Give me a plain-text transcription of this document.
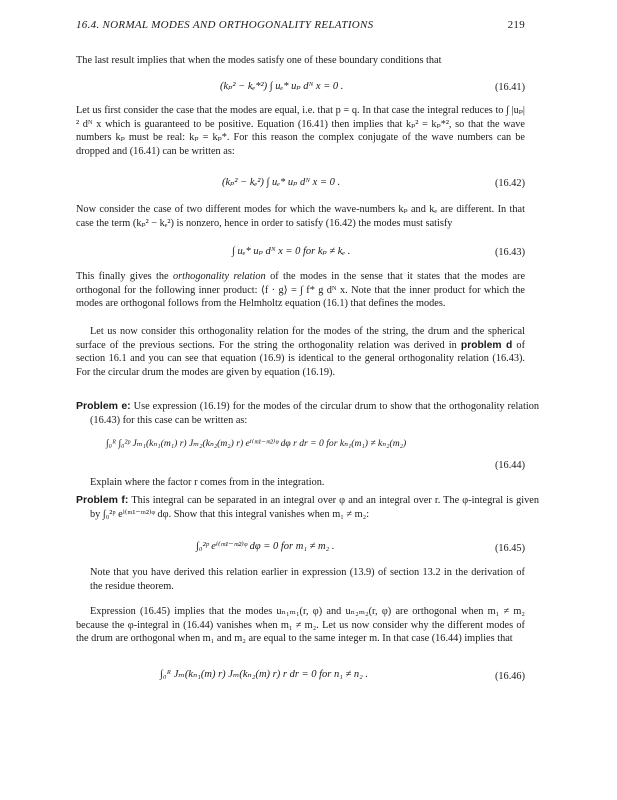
16.4. NORMAL MODES AND ORTHOGONALITY RELATIONS	219
The last result implies that when the modes satisfy one of these boundary conditions that
(kₚ² − kₑ*²) ∫ uₑ* uₚ dᴺ x = 0 .	(16.41)
Let us first consider the case that the modes are equal, i.e. that p = q. In that case the integral reduces to ∫ |uₚ|² dᴺ x which is guaranteed to be positive. Equation (16.41) then implies that kₚ² = kₚ*², so that the wave numbers kₚ must be real: kₚ = kₚ*. For this reason the complex conjugate of the wave numbers can be dropped and (16.41) can be written as:
(kₚ² − kₑ²) ∫ uₑ* uₚ dᴺ x = 0 .	(16.42)
Now consider the case of two different modes for which the wave-numbers kₚ and kₑ are different. In that case the term (kₚ² − kₑ²) is nonzero, hence in order to satisfy (16.42) the modes must satisfy
∫ uₑ* uₚ dᴺ x = 0 for kₚ ≠ kₑ .	(16.43)
This finally gives the orthogonality relation of the modes in the sense that it states that the modes are orthogonal for the following inner product: ⟨f · g⟩ = ∫ f* g dᴺ x. Note that the inner product for which the modes are orthogonal follows from the Helmholtz equation (16.1) that defines the modes.
Let us now consider this orthogonality relation for the modes of the string, the drum and the spherical surface of the previous sections. For the string the orthogonality relation was derived in problem d of section 16.1 and you can see that equation (16.9) is identical to the general orthogonality relation (16.43). For the circular drum the modes are given by equation (16.19).
Problem e: Use expression (16.19) for the modes of the circular drum to show that the orthogonality relation (16.43) for this case can be written as:
∫₀ᴿ ∫₀²ᵖ Jₘ₁(kₙ₁(m₁) r) Jₘ₂(kₙ₂(m₂) r) eⁱ⁽ᵐ¹⁻ᵐ²⁾ᵠ dφ r dr = 0 for kₙ₁(m₁) ≠ kₙ₂(m₂)
(16.44)
Explain where the factor r comes from in the integration.
Problem f: This integral can be separated in an integral over φ and an integral over r. The φ-integral is given by ∫₀²ᵖ eⁱ⁽ᵐ¹⁻ᵐ²⁾ᵠ dφ. Show that this integral vanishes when m₁ ≠ m₂:
∫₀²ᵖ eⁱ⁽ᵐ¹⁻ᵐ²⁾ᵠ dφ = 0 for m₁ ≠ m₂ .	(16.45)
Note that you have derived this relation earlier in expression (13.9) of section 13.2 in the derivation of the residue theorem.
Expression (16.45) implies that the modes uₙ₁ₘ₁(r, φ) and uₙ₂ₘ₂(r, φ) are orthogonal when m₁ ≠ m₂ because the φ-integral in (16.44) vanishes when m₁ ≠ m₂. Let us now consider why the different modes of the drum are orthogonal when m₁ and m₂ are equal to the same integer m. In that case (16.44) implies that
∫₀ᴿ Jₘ(kₙ₁(m) r) Jₘ(kₙ₂(m) r) r dr = 0 for n₁ ≠ n₂ .	(16.46)
